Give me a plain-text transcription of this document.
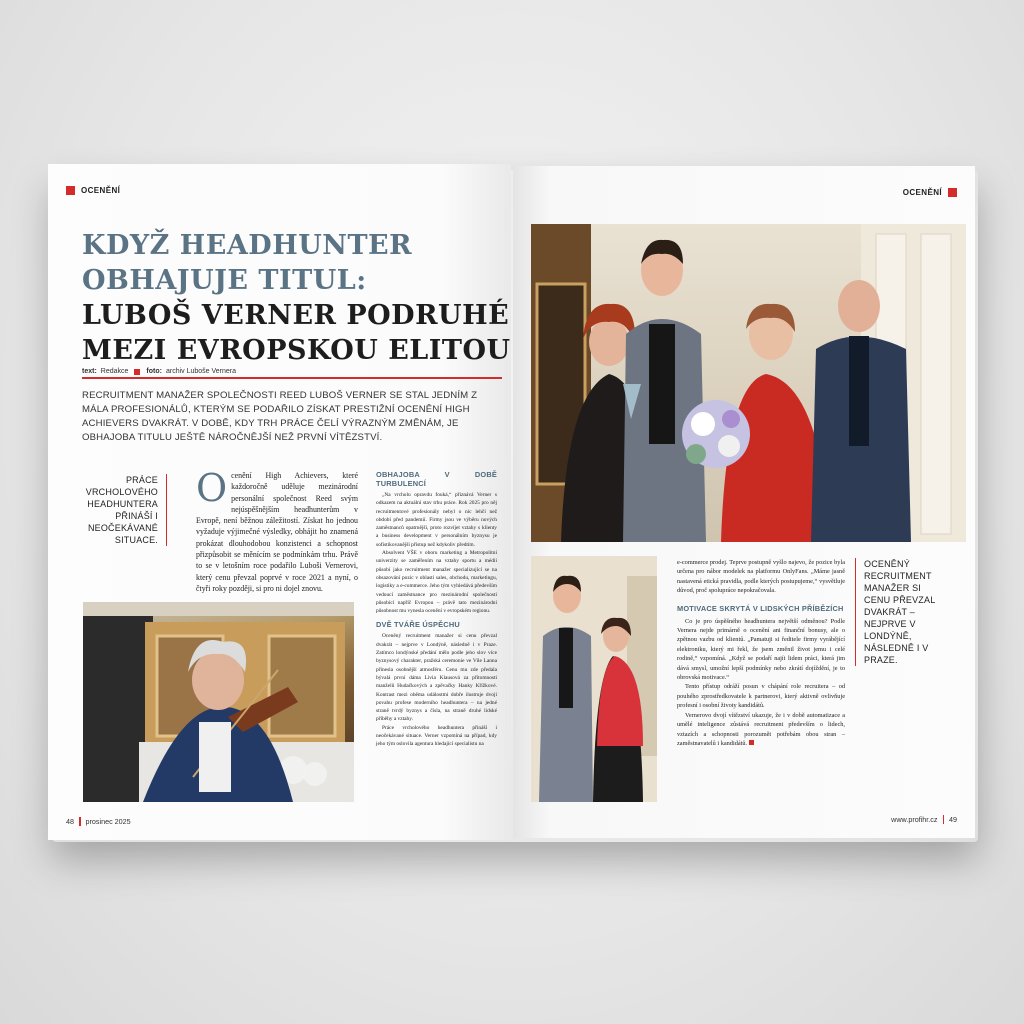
OCENĚNÍ
KDYŽ HEADHUNTER
OBHAJUJE TITUL:
LUBOŠ VERNER PODRUHÉ
MEZI EVROPSKOU ELITOU
text: Redakce	foto: archiv Luboše Vernera
RECRUITMENT MANAŽER SPOLEČNOSTI REED LUBOŠ VERNER SE STAL JEDNÍM Z MÁLA PROFESIONÁLŮ, KTERÝM SE PODAŘILO ZÍSKAT PRESTIŽNÍ OCENĚNÍ HIGH ACHIEVERS DVAKRÁT. V DOBĚ, KDY TRH PRÁCE ČELÍ VÝRAZNÝM ZMĚNÁM, JE OBHAJOBA TITULU JEŠTĚ NÁROČNĚJŠÍ NEŽ PRVNÍ VÍTĚZSTVÍ.
PRÁCE VRCHOLOVÉHO HEADHUNTERA PŘINÁŠÍ I NEOČEKÁVANÉ SITUACE.
Ocenění High Achievers, které každoročně uděluje mezinárodní personální společnost Reed svým nejúspěšnějším headhunterům v Evropě, není běžnou záležitostí. Získat ho jednou vyžaduje výjimečné výsledky, obhájit ho znamená prokázat dlouhodobou konzistenci a schopnost přizpůsobit se měnícím se podmínkám trhu. Právě to se v letošním roce podařilo Luboši Vernerovi, který cenu převzal poprvé v roce 2021 a nyní, o čtyři roky později, si pro ni dojel znovu.
OBHAJOBA V DOBĚ TURBULENCÍ

„Na vrcholu opravdu fouká,“ přiznává Verner s odkazem na aktuální stav trhu práce. Rok 2025 pro něj recruitmentové profesionály nebyl o nic lehčí než období před pandemií. Firmy jsou ve výběru nových zaměstnanců opatrnější, proto rozvíjet vztahy s klienty a business development v personálním byznysu je sofistikovanější přístup než kdykoliv předtím.

Absolvent VŠE v oboru marketing a Metropolitní univerzity se zaměřením na vztahy sportu a médií působí jako recruitment manažer specializující se na obsazování pozic v oblasti sales, obchodu, marketingu, logistiky a e-commerce. Jeho tým vyhledává především vedoucí zaměstnance pro mezinárodní společnosti působící napříč Evropou – právě tato mezinárodní působnost mu vynesla ocenění v evropském regionu.

DVĚ TVÁŘE ÚSPĚCHU

Oceněný recruitment manažer si cenu převzal dvakrát – nejprve v Londýně, následně i v Praze. Zatímco londýnské předání mělo podle jeho slov více byznysový charakter, pražská ceremonie ve Vile Lanna přinesla osobnější atmosféru. Cenu mu zde předala bývalá první dáma Livia Klausová za přítomnosti manželů Hudačkových a zpěvačky Hanky Křížkové. Kontrast mezi oběma událostmi dobře ilustruje dvojí povahu profese moderního headhuntera – na jedné straně tvrdý byznys a čísla, na straně druhé lidské příběhy a vztahy.

Práce vrcholového headhuntera přináší i neočekávané situace. Verner vzpomíná na případ, kdy jeho tým oslovila agentura hledající specialistu na

48 prosinec 2025
OCENĚNÍ

e-commerce prodej. Teprve postupně vyšlo najevo, že pozice byla určena pro nábor modelek na platformu OnlyFans. „Máme jasně nastavená etická pravidla, podle kterých postupujeme,“ vysvětluje důvod, proč spolupráce nepokračovala.

MOTIVACE SKRYTÁ V LIDSKÝCH PŘÍBĚZÍCH

Co je pro úspěšného headhuntera největší odměnou? Podle Vernera nejde primárně o ocenění ani finanční bonusy, ale o zpětnou vazbu od klientů. „Pamatuji si ředitele firmy vyrábějící elektroniku, který mi řekl, že jsem změnil život jemu i celé rodině,“ vzpomíná. „Když se podaří najít lidem práci, která jim dává smysl, umožní lepší podmínky nebo zkrátí dojíždění, je to obrovská motivace.“

Tento přístup odráží posun v chápání role recruitera – od pouhého zprostředkovatele k partnerovi, který aktivně ovlivňuje profesní i osobní životy kandidátů.

Vernerovo dvojí vítězství ukazuje, že i v době automatizace a umělé inteligence zůstává recruitment především o lidech, vztazích a schopnosti porozumět potřebám obou stran – zaměstnavatelů i kandidátů.

OCENĚNÝ RECRUITMENT MANAŽER SI CENU PŘEVZAL DVAKRÁT – NEJPRVE V LONDÝNĚ, NÁSLEDNĚ I V PRAZE.
www.profihr.cz 49
